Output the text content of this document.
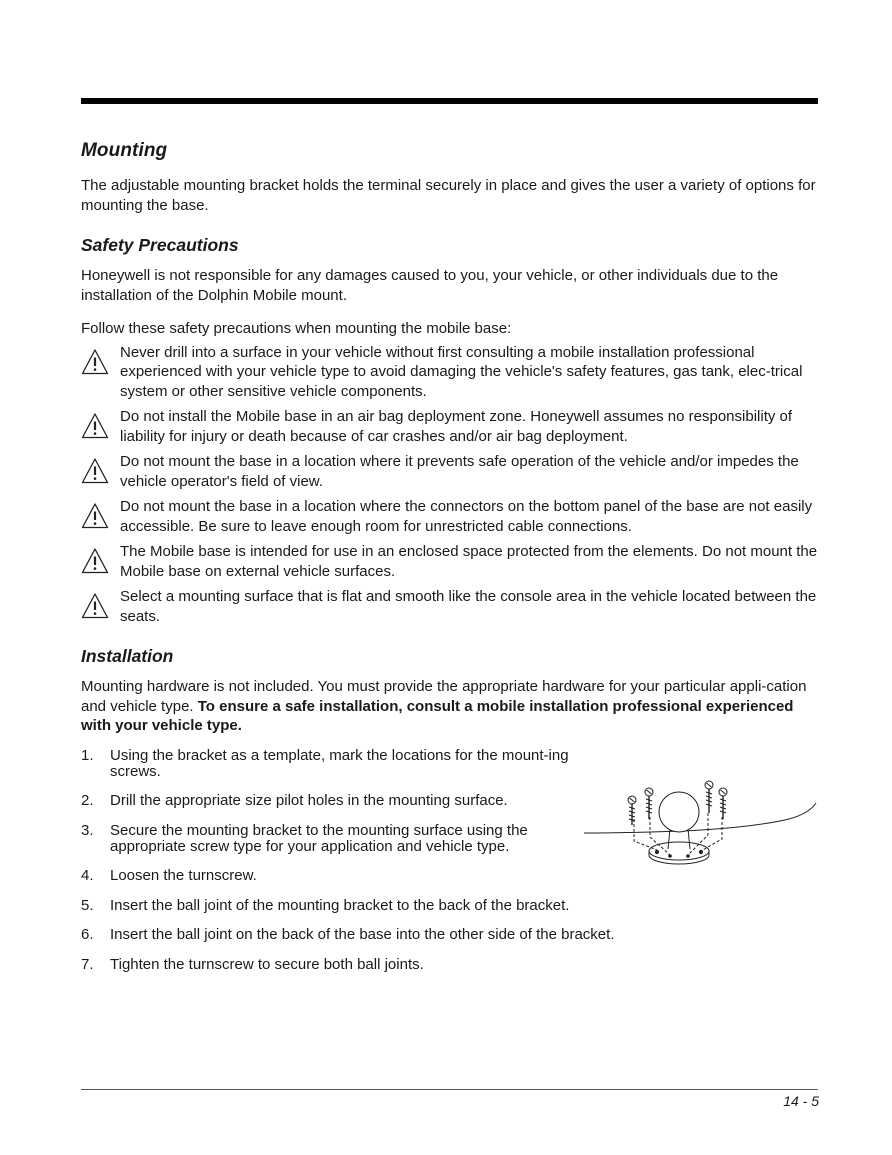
Mounting

The adjustable mounting bracket holds the terminal securely in place and gives the user a variety of options for mounting the base.

Safety Precautions

Honeywell is not responsible for any damages caused to you, your vehicle, or other individuals due to the installation of the Dolphin Mobile mount.

Follow these safety precautions when mounting the mobile base:

Never drill into a surface in your vehicle without first consulting a mobile installation professional experienced with your vehicle type to avoid damaging the vehicle's safety features, gas tank, elec-trical system or other sensitive vehicle components.
Do not install the Mobile base in an air bag deployment zone. Honeywell assumes no responsibility of liability for injury or death because of car crashes and/or air bag deployment.
Do not mount the base in a location where it prevents safe operation of the vehicle and/or impedes the vehicle operator's field of view.
Do not mount the base in a location where the connectors on the bottom panel of the base are not easily accessible. Be sure to leave enough room for unrestricted cable connections.
The Mobile base is intended for use in an enclosed space protected from the elements. Do not mount the Mobile base on external vehicle surfaces.
Select a mounting surface that is flat and smooth like the console area in the vehicle located between the seats.
Installation

Mounting hardware is not included. You must provide the appropriate hardware for your particular appli-cation and vehicle type. To ensure a safe installation, consult a mobile installation professional experienced with your vehicle type.

1.	Using the bracket as a template, mark the locations for the mount-ing screws.
2.	Drill the appropriate size pilot holes in the mounting surface.
3.	Secure the mounting bracket to the mounting surface using the appropriate screw type for your application and vehicle type.
4.	Loosen the turnscrew.
5.	Insert the ball joint of the mounting bracket to the back of the bracket.
6.	Insert the ball joint on the back of the base into the other side of the bracket.
7.	Tighten the turnscrew to secure both ball joints.
14 - 5
